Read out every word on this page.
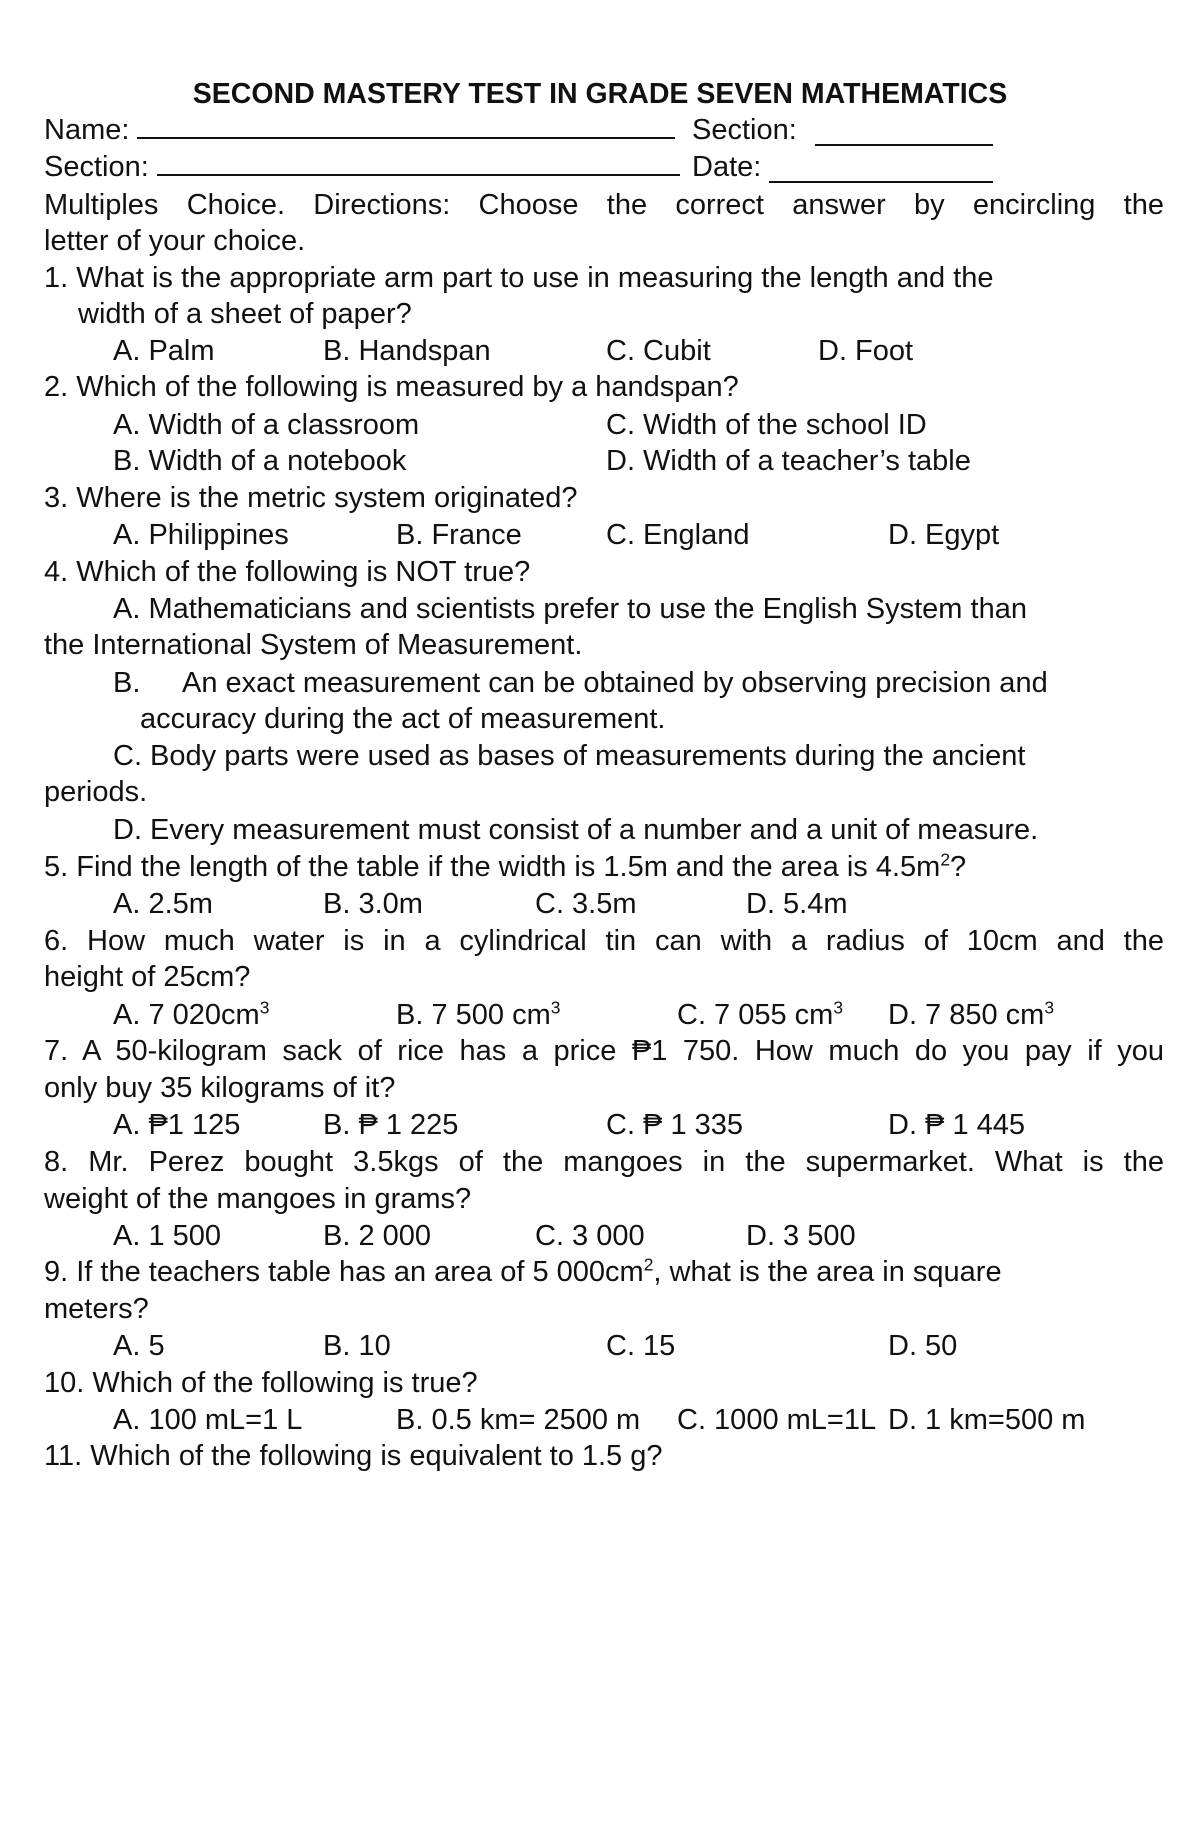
SECOND MASTERY TEST IN GRADE SEVEN MATHEMATICS
Name:	Section:
Section:	Date:
Multiples Choice. Directions: Choose the correct answer by encircling the
letter of your choice.
1. What is the appropriate arm part to use in measuring the length and the
width of a sheet of paper?
A. Palm	B. Handspan	C. Cubit	D. Foot
2. Which of the following is measured by a handspan?
A. Width of a classroom	C. Width of the school ID
B. Width of a notebook	D. Width of a teacher’s table
3. Where is the metric system originated?
A. Philippines	B. France	C. England	D. Egypt
4. Which of the following is NOT true?
A. Mathematicians and scientists prefer to use the English System than
the International System of Measurement.
B.	An exact measurement can be obtained by observing precision and
accuracy during the act of measurement.
C. Body parts were used as bases of measurements during the ancient
periods.
D. Every measurement must consist of a number and a unit of measure.
5. Find the length of the table if the width is 1.5m and the area is $4.5m^2$?
A. 2.5m	B. 3.0m	C. 3.5m	D. 5.4m
6. How much water is in a cylindrical tin can with a radius of 10cm and the
height of 25cm?
A. 7 $020cm^3$	B. 7 500 $cm^3$	C. 7 055 $cm^3$	D. 7 850 $cm^3$
7. A 50-kilogram sack of rice has a price ₱1 750. How much do you pay if you
only buy 35 kilograms of it?
A. ₱1 125	B. ₱ 1 225	C. ₱ 1 335	D. ₱ 1 445
8. Mr. Perez bought 3.5kgs of the mangoes in the supermarket. What is the
weight of the mangoes in grams?
A. 1 500	B. 2 000	C. 3 000	D. 3 500
9. If the teachers table has an area of 5 $000cm^2$, what is the area in square
meters?
A. 5	B. 10	C. 15	D. 50
10. Which of the following is true?
A. 100 mL=1 L	B. 0.5 km= 2500 m	C. 1000 mL=1L D. 1 km=500 m
11. Which of the following is equivalent to 1.5 g?
